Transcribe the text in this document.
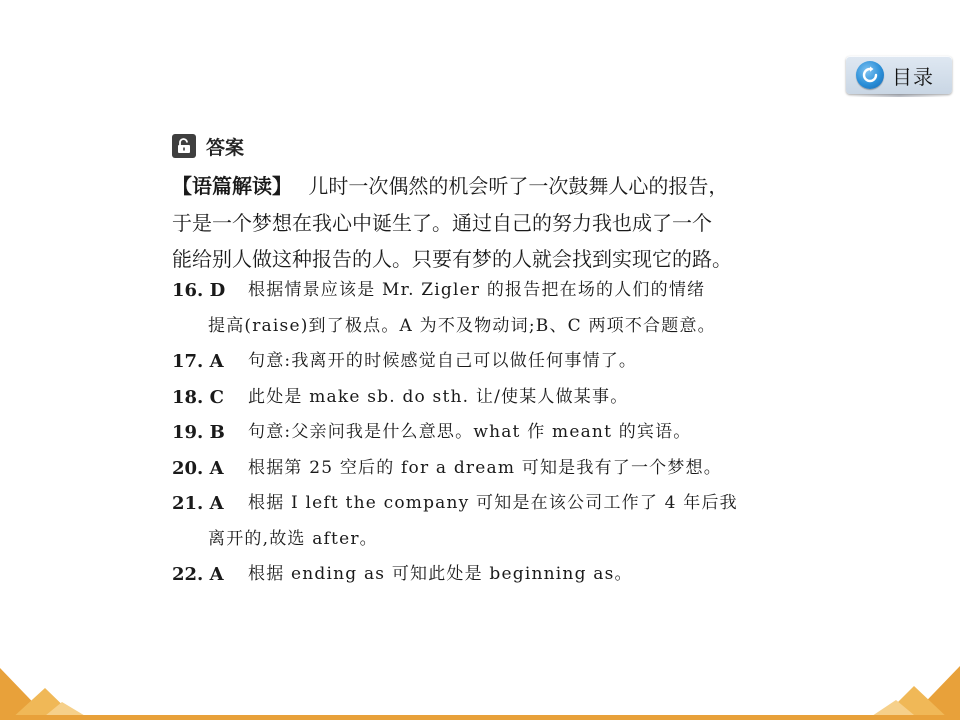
目录
答案
【语篇解读】 儿时一次偶然的机会听了一次鼓舞人心的报告，
于是一个梦想在我心中诞生了。通过自己的努力我也成了一个
能给别人做这种报告的人。只要有梦的人就会找到实现它的路。
16. D	根据情景应该是 Mr. Zigler 的报告把在场的人们的情绪

提高(raise)到了极点。A 为不及物动词;B、C 两项不合题意。
17. A	句意:我离开的时候感觉自己可以做任何事情了。
18. C	此处是 make sb. do sth. 让/使某人做某事。
19. B	句意:父亲问我是什么意思。what 作 meant 的宾语。
20. A	根据第 25 空后的 for a dream 可知是我有了一个梦想。
21. A	根据 I left the company 可知是在该公司工作了 4 年后我

离开的,故选 after。
22. A	根据 ending as 可知此处是 beginning as。
